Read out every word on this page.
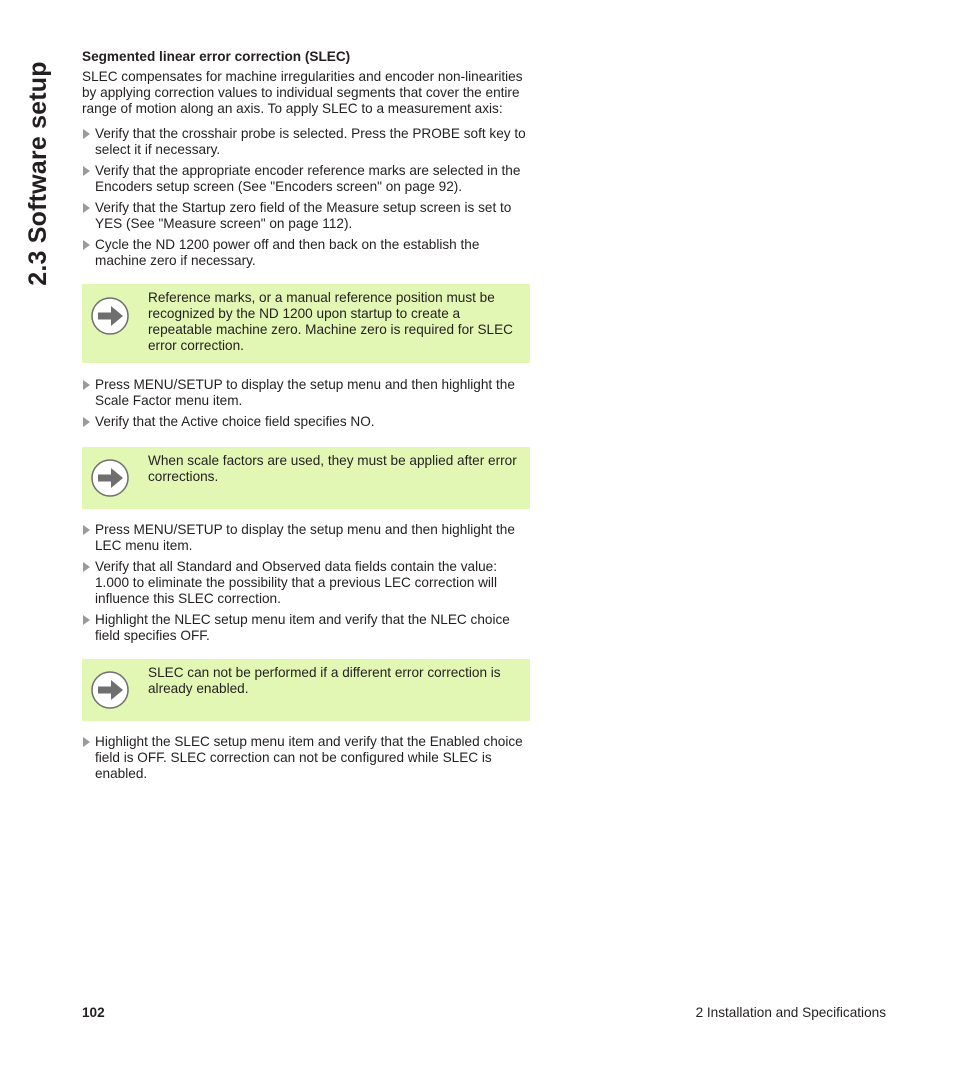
2.3 Software setup
Segmented linear error correction (SLEC)
SLEC compensates for machine irregularities and encoder non-linearities by applying correction values to individual segments that cover the entire range of motion along an axis. To apply SLEC to a measurement axis:
Verify that the crosshair probe is selected. Press the PROBE soft key to select it if necessary.
Verify that the appropriate encoder reference marks are selected in the Encoders setup screen (See "Encoders screen" on page 92).
Verify that the Startup zero field of the Measure setup screen is set to YES (See "Measure screen" on page 112).
Cycle the ND 1200 power off and then back on the establish the machine zero if necessary.
Reference marks, or a manual reference position must be recognized by the ND 1200 upon startup to create a repeatable machine zero. Machine zero is required for SLEC error correction.
Press MENU/SETUP to display the setup menu and then highlight the Scale Factor menu item.
Verify that the Active choice field specifies NO.
When scale factors are used, they must be applied after error corrections.
Press MENU/SETUP to display the setup menu and then highlight the LEC menu item.
Verify that all Standard and Observed data fields contain the value: 1.000 to eliminate the possibility that a previous LEC correction will influence this SLEC correction.
Highlight the NLEC setup menu item and verify that the NLEC choice field specifies OFF.
SLEC can not be performed if a different error correction is already enabled.
Highlight the SLEC setup menu item and verify that the Enabled choice field is OFF. SLEC correction can not be configured while SLEC is enabled.
102	2 Installation and Specifications
